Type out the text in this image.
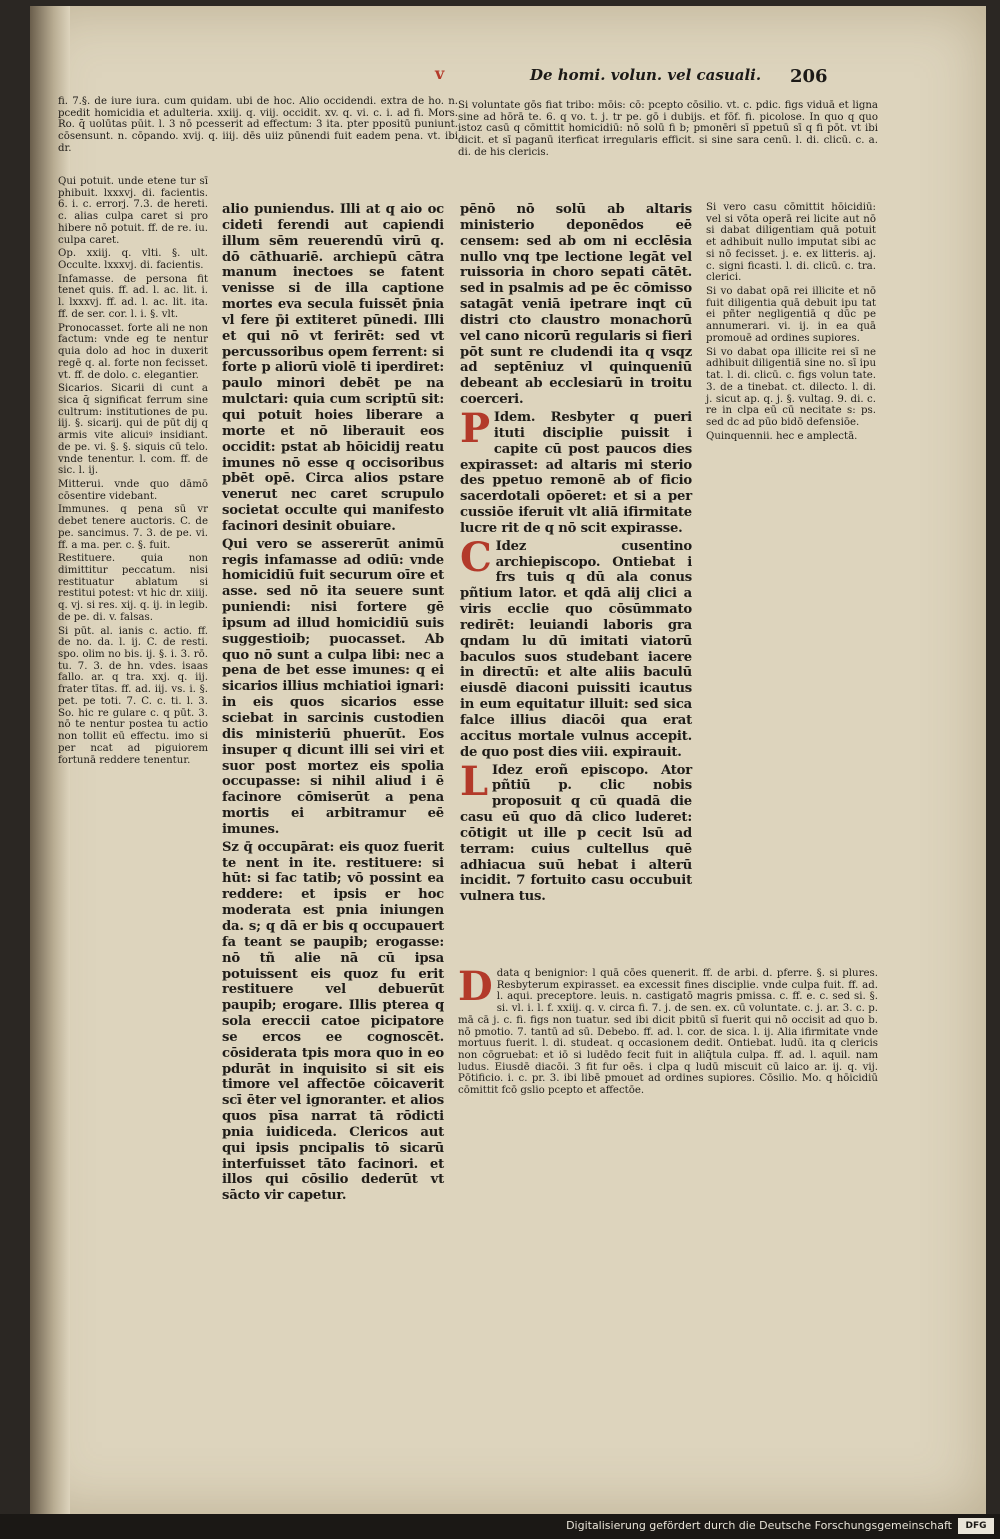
v	De homi. volun. vel casuali. 206

fi. 7.§. de iure iura. cum quidam. ubi de hoc. Alio occidendi. extra de ho. n. pcedit homicidia et adulteria. xxiij. q. viij. occidit. xv. q. vi. c. i. ad fi. Mors. Ro. q̄ uolūtas pūit. l. 3 nō pcesserit ad effectum: 3 ita. pter ppositū puniunt. cōsensunt. n. cōpando. xvij. q. iiij. dēs uiiz pūnendi fuit eadem pena. vt. ibi dr.

Qui potuit. unde etene tur sī phibuit. lxxxvj. di. facientis. 6. i. c. errorj. 7.3. de hereti. c. alias culpa caret si pro hibere nō potuit. ff. de re. iu. culpa caret.

Op. xxiij. q. vlti. §. ult. Occulte. lxxxvj. di. facientis.

Infamasse. de persona fit tenet quis. ff. ad. l. ac. lit. i. l. lxxxvj. ff. ad. l. ac. lit. ita. ff. de ser. cor. l. i. §. vlt.

Pronocasset. forte ali ne non factum: vnde eg te nentur quia dolo ad hoc in duxerit regē q. al. forte non fecisset. vt. ff. de dolo. c. elegantier.

Sicarios. Sicarii di cunt a sica q̄ significat ferrum sine cultrum: institutiones de pu. iij. §. sicarij. qui de pūt dij q armis vite alicuiꝰ insidiant. de pe. vi. §. §. siquis cū telo. vnde tenentur. l. com. ff. de sic. l. ij.

Mitterui. vnde quo dāmō cōsentire videbant.

Immunes. q pena sū vr debet tenere auctoris. C. de pe. sancimus. 7. 3. de pe. vi. ff. a ma. per. c. §. fuit.

Restituere. quia non dimittitur peccatum. nisi restituatur ablatum si restitui potest: vt hic dr. xiiij. q. vj. si res. xij. q. ij. in legib. de pe. di. v. falsas.

Si pūt. al. ianis c. actio. ff. de no. da. l. ij. C. de resti. spo. olim no bis. ij. §. i. 3. rō. tu. 7. 3. de hn. vdes. isaas fallo. ar. q tra. xxj. q. iij. frater tītas. ff. ad. iij. vs. i. §. pet. pe toti. 7. C. c. ti. l. 3. So. hic re gulare c. q pūt. 3. nō te nentur postea tu actio non tollit eū effectu. imo si per ncat ad piguiorem fortunā reddere tenentur.

alio puniendus. Illi at q aio oc cideti ferendi aut capiendi illum sēm reuerendū virū q. dō cāthuariē. archiepū cātra manum inectoes se fatent venisse si de illa captione mortes eva secula fuissēt p̄nia vl fere p̄i extiteret pūnedi. Illi et qui nō vt ferirēt: sed vt percussoribus opem ferrent: si forte p aliorū violē ti iperdiret: paulo minori debēt pe na mulctari: quia cum scriptū sit: qui potuit hoies liberare a morte et nō liberauit eos occidit: pstat ab hōicidij reatu imunes nō esse q occisoribus pbēt opē. Circa alios pstare venerut nec caret scrupulo societat occulte qui manifesto facinori desinit obuiare.

Qui vero se assererūt animū regis infamasse ad odiū: vnde homicidiū fuit securum oīre et asse. sed nō ita seuere sunt puniendi: nisi fortere gē ipsum ad illud homicidiū suis suggestioib; puocasset. Ab quo nō sunt a culpa libi: nec a pena de bet esse imunes: q ei sicarios illius mchiatioi ignari: in eis quos sicarios esse sciebat in sarcinis custodien dis ministeriū phuerūt. Eos insuper q dicunt illi sei viri et suor post mortez eis spolia occupasse: si nihil aliud i ē facinore cōmiserūt a pena mortis ei arbitramur eē imunes.

Sz q̄ occupārat: eis quoz fuerit te nent in ite. restituere: si hūt: si fac tatib; vō possint ea reddere: et ipsis er hoc moderata est pnia iniungen da. s; q dā er bis q occupauert fa teant se paupib; erogasse: nō tñ alie nā cū ipsa potuissent eis quoz fu erit restituere vel debuerūt paupib; erogare. Illis pterea q sola ereccii catoe picipatore se ercos ee cognoscēt. cōsiderata tpis mora quo in eo pdurāt in inquisito si sit eis timore vel affectōe cōicaverit scī ēter vel ignoranter. et alios quos pīsa narrat tā rōdicti pnia iuidiceda. Clericos aut qui ipsis pncipalis tō sicarū interfuisset tāto facinori. et illos qui cōsilio dederūt vt sācto vir capetur.

pēnō nō solū ab altaris ministerio deponēdos eē censem: sed ab om ni ecclēsia nullo vnq tpe lectione legāt vel ruissoria in choro sepati cātēt. sed in psalmis ad pe ēc cōmisso satagāt veniā ipetrare inqt cū distri cto claustro monachorū vel cano nicorū regularis si fieri pōt sunt re cludendi ita q vsqz ad septēniuz vl quinqueniū debeant ab ecclesiarū in troitu coerceri.

P Idem. Resbyter q pueri ituti disciplie puissit i capite cū post paucos dies expirasset: ad altaris mi sterio des ppetuo remonē ab of ficio sacerdotali opōeret: et si a per cussiōe iferuit vlt aliā ifirmitate lucre rit de q nō scit expirasse.

C Idez cusentino archiepiscopo. Ontiebat i frs tuis q dū ala conus pñtium lator. et qdā alij clici a viris ecclie quo cōsūmmato redirēt: leuiandi laboris gra qndam lu dū imitati viatorū baculos suos studebant iacere in directū: et alte aliis baculū eiusdē diaconi puissiti icautus in eum equitatur illuit: sed sica falce illius diacōi qua erat accitus mortale vulnus accepit. de quo post dies viii. expirauit.

L Idez eroñ episcopo. Ator pñtiū p. clic nobis proposuit q cū quadā die casu eū quo dā clico luderet: cōtigit ut ille p cecit lsū ad terram: cuius cultellus quē adhiacua suū hebat i alterū incidit. 7 fortuito casu occubuit vulnera tus.

Si voluntate gōs fiat tribo: mōis: cō: pcepto cōsilio. vt. c. pdic. figs viduā et ligna sine ad hōrā te. 6. q vo. t. j. tr pe. gō i dubijs. et fōf. fi. picolose. In quo q quo istoz casū q cōmittit homicidiū: nō solū fi b; pmonēri sī ppetuū sī q fi pōt. vt ibi dicit. et sī paganū iterficat irregularis efficit. si sine sara cenū. l. di. clicū. c. a. di. de his clericis.

Si vero casu cōmittit hōicidiū: vel si vōta operā rei licite aut nō si dabat diligentiam quā potuit et adhibuit nullo imputat sibi ac si nō fecisset. j. e. ex litteris. aj. c. signi ficasti. l. di. clicū. c. tra. clerici.

Si vo dabat opā rei illicite et nō fuit diligentia quā debuit ipu tat ei pñter negligentiā q dūc pe annumerari. vi. ij. in ea quā promouē ad ordines supiores.

Si vo dabat opa illicite rei sī ne adhibuit diligentiā sine no. sī ipu tat. l. di. clicū. c. figs volun tate. 3. de a tinebat. ct. dilecto. l. di. j. sicut ap. q. j. §. vultag. 9. di. c. re in clpa eū cū necitate s: ps. sed dc ad pūo bidō defensiōe.

Quinquennii. hec e amplectā.

Ddata q benignior: l quā cōes quenerit. ff. de arbi. d. pferre. §. si plures. Resbyterum expirasset. ea excessit fines disciplie. vnde culpa fuit. ff. ad. l. aqui. preceptore. leuis. n. castigatō magris pmissa. c. ff. e. c. sed si. §. si. vl. i. l. f. xxiij. q. v. circa fi. 7. j. de sen. ex. cū voluntate. c. j. ar. 3. c. p. mā cā j. c. fi. figs non tuatur. sed ibi dicit pbitū sī fuerit qui nō occisit ad quo b. nō pmotio. 7. tantū ad sū. Debebo. ff. ad. l. cor. de sica. l. ij. Alia ifirmitate vnde mortuus fuerit. l. di. studeat. q occasionem dedit. Ontiebat. ludū. ita q clericis non cōgruebat: et iō si ludēdo fecit fuit in aliq̄tula culpa. ff. ad. l. aquil. nam ludus. Eiusdē diacōi. 3 fit fur oēs. i clpa q ludū miscuit cū laico ar. ij. q. vij. Pōtificio. i. c. pr. 3. ibi libē pmouet ad ordines supiores. Cōsilio. Mo. q hōicidiū cōmittit fcō gslio pcepto et affectōe.

Digitalisierung gefördert durch die Deutsche Forschungsgemeinschaft	DFG
